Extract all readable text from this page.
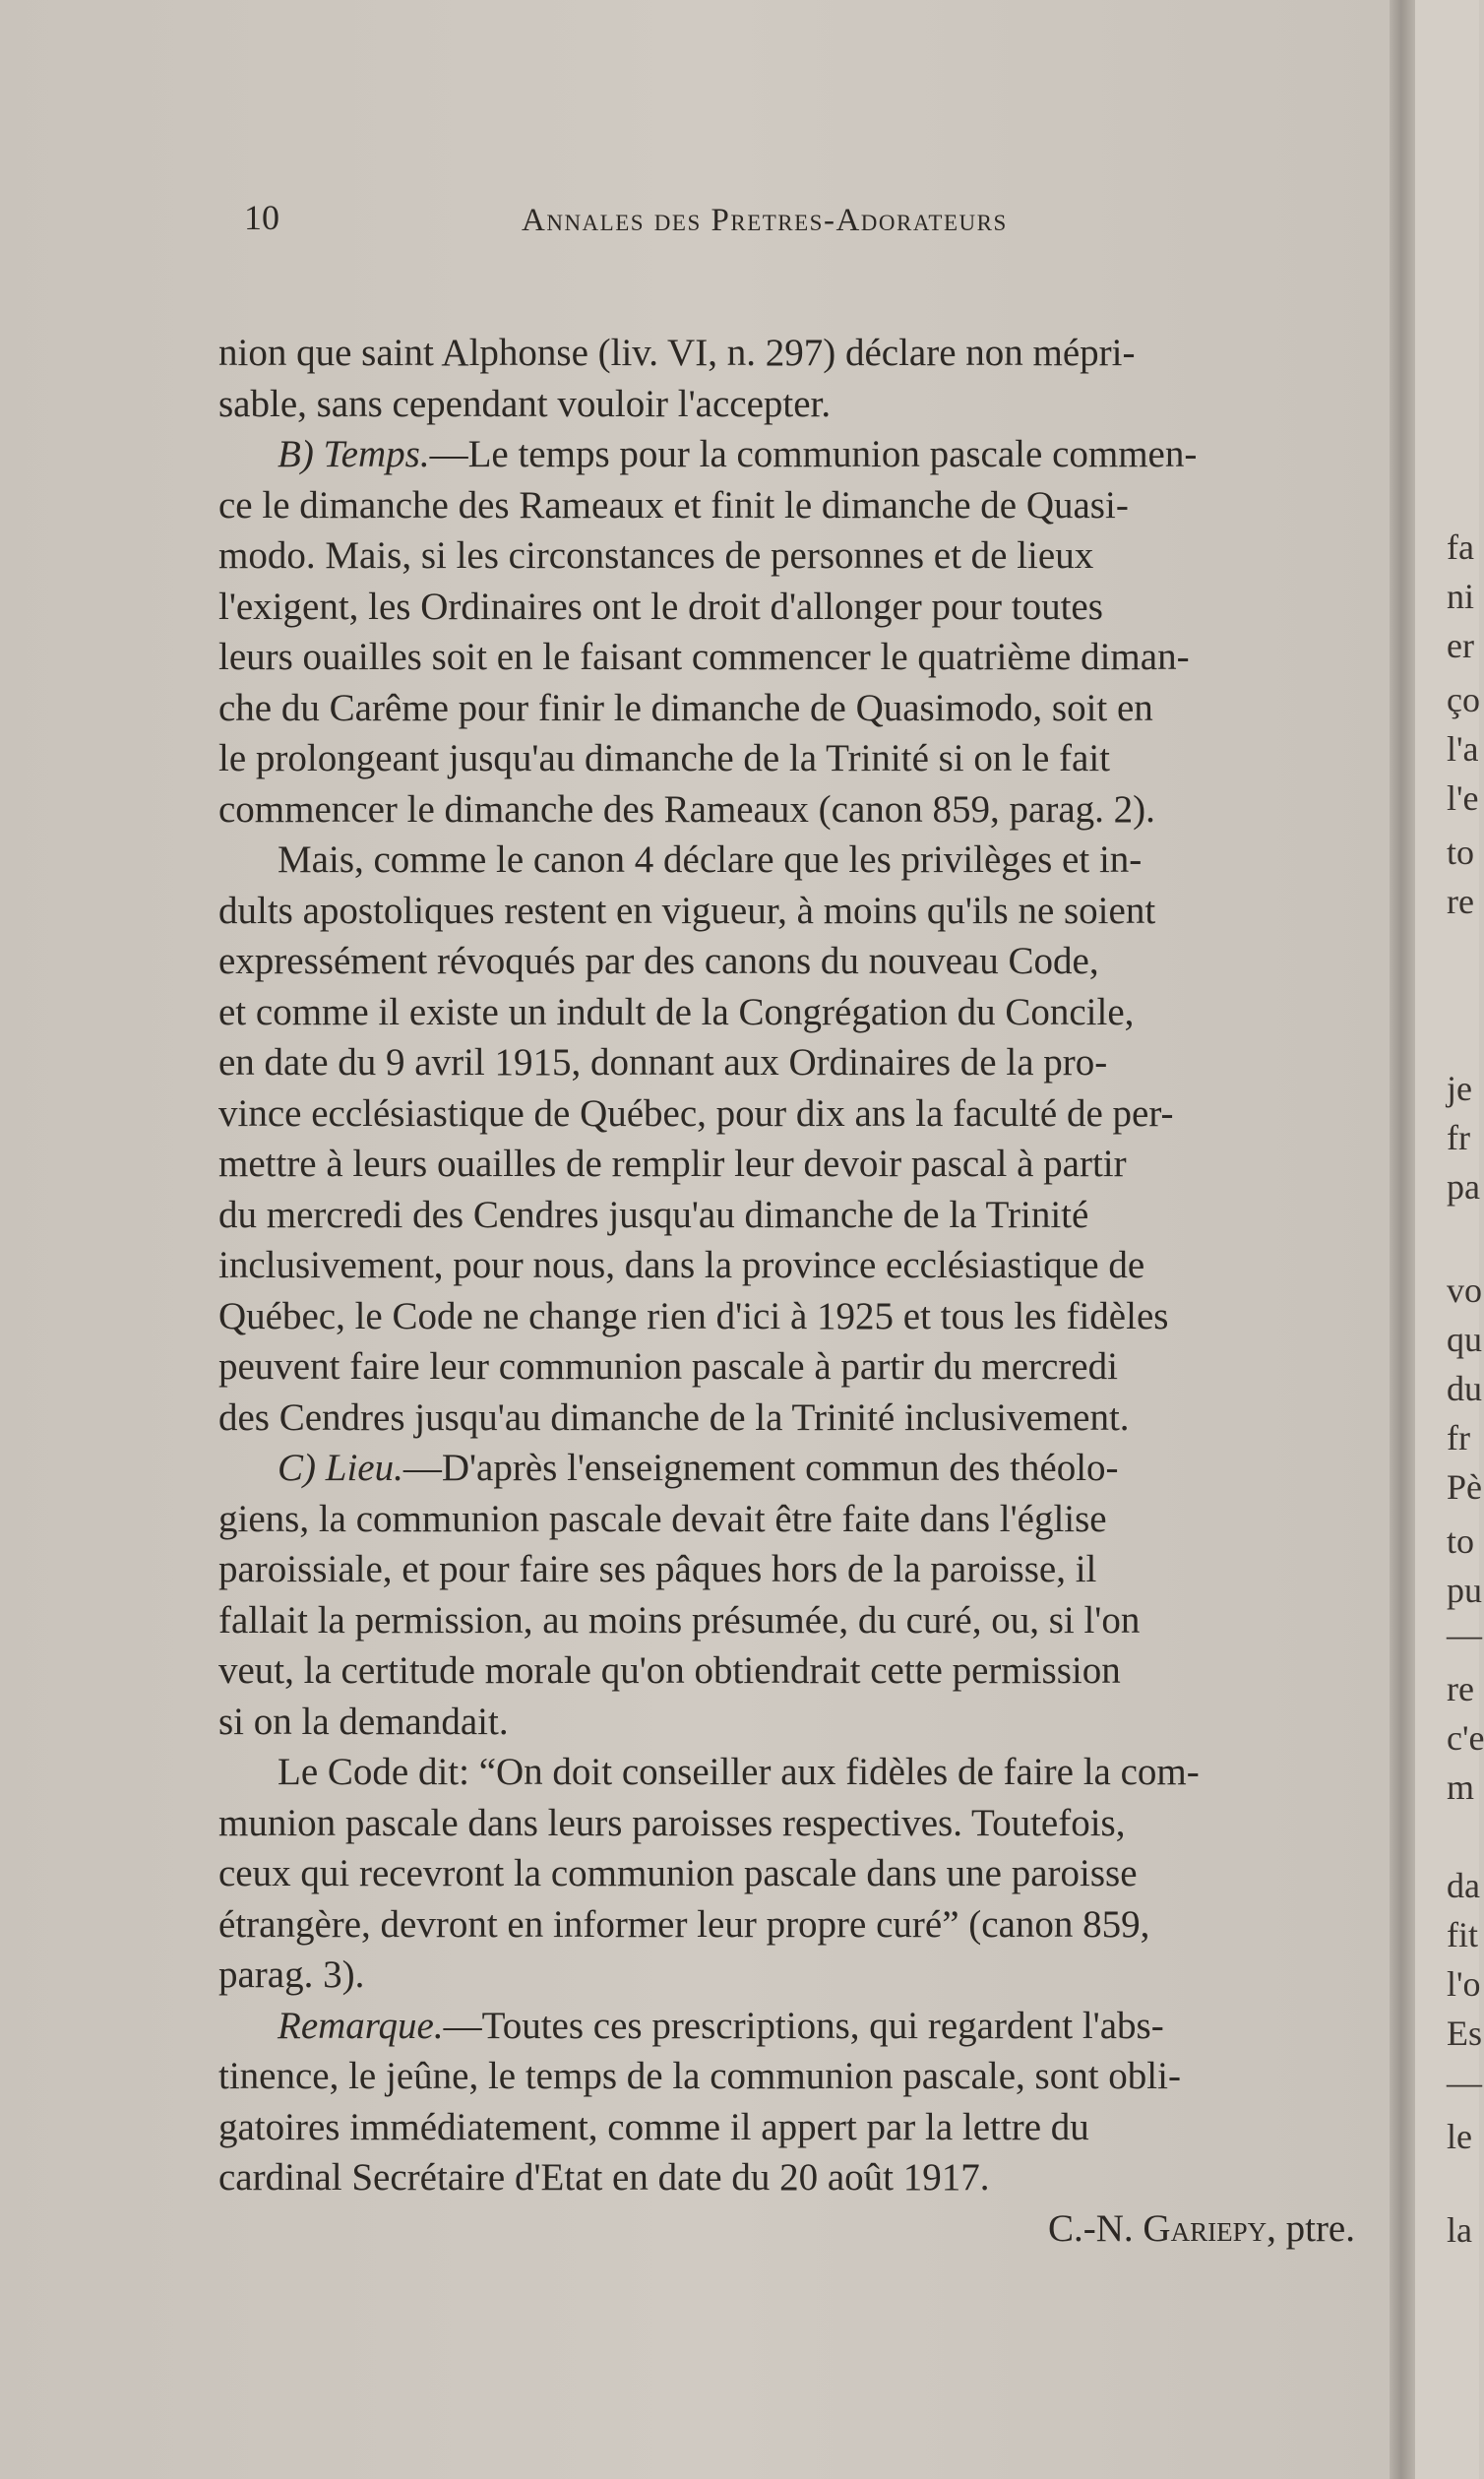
10	Annales des Pretres-Adorateurs
nion que saint Alphonse (liv. VI, n. 297) déclare non mépri-
sable, sans cependant vouloir l'accepter.
B) Temps.—Le temps pour la communion pascale commen-
ce le dimanche des Rameaux et finit le dimanche de Quasi-
modo. Mais, si les circonstances de personnes et de lieux
l'exigent, les Ordinaires ont le droit d'allonger pour toutes
leurs ouailles soit en le faisant commencer le quatrième diman-
che du Carême pour finir le dimanche de Quasimodo, soit en
le prolongeant jusqu'au dimanche de la Trinité si on le fait
commencer le dimanche des Rameaux (canon 859, parag. 2).
Mais, comme le canon 4 déclare que les privilèges et in-
dults apostoliques restent en vigueur, à moins qu'ils ne soient
expressément révoqués par des canons du nouveau Code,
et comme il existe un indult de la Congrégation du Concile,
en date du 9 avril 1915, donnant aux Ordinaires de la pro-
vince ecclésiastique de Québec, pour dix ans la faculté de per-
mettre à leurs ouailles de remplir leur devoir pascal à partir
du mercredi des Cendres jusqu'au dimanche de la Trinité
inclusivement, pour nous, dans la province ecclésiastique de
Québec, le Code ne change rien d'ici à 1925 et tous les fidèles
peuvent faire leur communion pascale à partir du mercredi
des Cendres jusqu'au dimanche de la Trinité inclusivement.
C) Lieu.—D'après l'enseignement commun des théolo-
giens, la communion pascale devait être faite dans l'église
paroissiale, et pour faire ses pâques hors de la paroisse, il
fallait la permission, au moins présumée, du curé, ou, si l'on
veut, la certitude morale qu'on obtiendrait cette permission
si on la demandait.
Le Code dit: “On doit conseiller aux fidèles de faire la com-
munion pascale dans leurs paroisses respectives. Toutefois,
ceux qui recevront la communion pascale dans une paroisse
étrangère, devront en informer leur propre curé” (canon 859,
parag. 3).
Remarque.—Toutes ces prescriptions, qui regardent l'abs-
tinence, le jeûne, le temps de la communion pascale, sont obli-
gatoires immédiatement, comme il appert par la lettre du
cardinal Secrétaire d'Etat en date du 20 août 1917.
C.-N. Gariepy, ptre.
fa
ni
er
ço
l'a
l'e
to
re
je
fr
pa
vo
qu
du
fr
Pè
to
pu
—
re
c'e
m
da
fit
l'o
Es
—
le
la
